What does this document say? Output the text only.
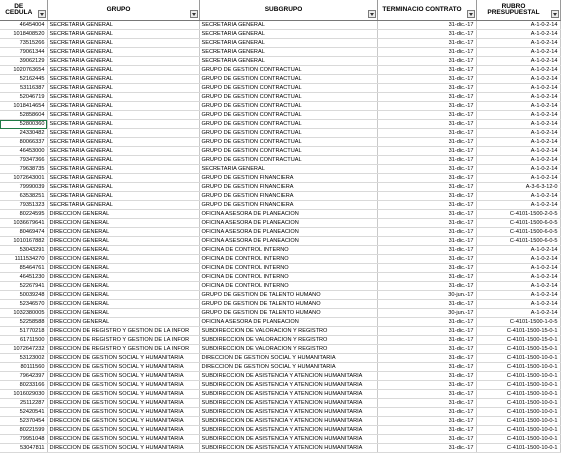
DE CEDULA	GRUPO	SUBGRUPO	TERMINACIO CONTRATO	RUBRO PRESUPUESTAL

46454004	SECRETARIA GENERAL	SECRETARIA GENERAL	31-dic.-17	A-1-0-2-14
1018408520	SECRETARIA GENERAL	SECRETARIA GENERAL	31-dic.-17	A-1-0-2-14
73515266	SECRETARIA GENERAL	SECRETARIA GENERAL	31-dic.-17	A-1-0-2-14
79061344	SECRETARIA GENERAL	SECRETARIA GENERAL	31-dic.-17	A-1-0-2-14
39062129	SECRETARIA GENERAL	SECRETARIA GENERAL	31-dic.-17	A-1-0-2-14
1020763654	SECRETARIA GENERAL	GRUPO DE GESTION CONTRACTUAL	31-dic.-17	A-1-0-2-14
52162445	SECRETARIA GENERAL	GRUPO DE GESTION CONTRACTUAL	31-dic.-17	A-1-0-2-14
53116387	SECRETARIA GENERAL	GRUPO DE GESTION CONTRACTUAL	31-dic.-17	A-1-0-2-14
52046719	SECRETARIA GENERAL	GRUPO DE GESTION CONTRACTUAL	31-dic.-17	A-1-0-2-14
1018414654	SECRETARIA GENERAL	GRUPO DE GESTION CONTRACTUAL	31-dic.-17	A-1-0-2-14
52858604	SECRETARIA GENERAL	GRUPO DE GESTION CONTRACTUAL	31-dic.-17	A-1-0-2-14
52800360	SECRETARIA GENERAL	GRUPO DE GESTION CONTRACTUAL	31-dic.-17	A-1-0-2-14
24330482	SECRETARIA GENERAL	GRUPO DE GESTION CONTRACTUAL	31-dic.-17	A-1-0-2-14
80066337	SECRETARIA GENERAL	GRUPO DE GESTION CONTRACTUAL	31-dic.-17	A-1-0-2-14
46453000	SECRETARIA GENERAL	GRUPO DE GESTION CONTRACTUAL	31-dic.-17	A-1-0-2-14
79347366	SECRETARIA GENERAL	GRUPO DE GESTION CONTRACTUAL	31-dic.-17	A-1-0-2-14
79638735	SECRETARIA GENERAL	SECRETARIA GENERAL	31-dic.-17	A-1-0-2-14
1072643001	SECRETARIA GENERAL	GRUPO DE GESTION FINANCIERA	31-dic.-17	A-1-0-2-14
79990039	SECRETARIA GENERAL	GRUPO DE GESTION FINANCIERA	31-dic.-17	A-3-6-3-12-0
63538251	SECRETARIA GENERAL	GRUPO DE GESTION FINANCIERA	31-dic.-17	A-1-0-2-14
79351323	SECRETARIA GENERAL	GRUPO DE GESTION FINANCIERA	31-dic.-17	A-1-0-2-14
80224595	DIRECCION GENERAL	OFICINA ASESORA DE PLANEACION	31-dic.-17	C-4101-1500-2-0-5
1036679641	DIRECCION GENERAL	OFICINA ASESORA DE PLANEACION	31-dic.-17	C-4101-1500-6-0-5
80469474	DIRECCION GENERAL	OFICINA ASESORA DE PLANEACION	31-dic.-17	C-4101-1500-6-0-5
1010167882	DIRECCION GENERAL	OFICINA ASESORA DE PLANEACION	31-dic.-17	C-4101-1500-6-0-5
53043291	DIRECCION GENERAL	OFICINA DE CONTROL INTERNO	31-dic.-17	A-1-0-2-14
1111534270	DIRECCION GENERAL	OFICINA DE CONTROL INTERNO	31-dic.-17	A-1-0-2-14
85464761	DIRECCION GENERAL	OFICINA DE CONTROL INTERNO	31-dic.-17	A-1-0-2-14
46451230	DIRECCION GENERAL	OFICINA DE CONTROL INTERNO	31-dic.-17	A-1-0-2-14
52267941	DIRECCION GENERAL	OFICINA DE CONTROL INTERNO	31-dic.-17	A-1-0-2-14
50039248	DIRECCION GENERAL	GRUPO DE GESTION DE TALENTO HUMANO	30-jun.-17	A-1-0-2-14
52346570	DIRECCION GENERAL	GRUPO DE GESTION DE TALENTO HUMANO	31-dic.-17	A-1-0-2-14
1032380005	DIRECCION GENERAL	GRUPO DE GESTION DE TALENTO HUMANO	30-jun.-17	A-1-0-2-14
52258588	DIRECCION GENERAL	OFICINA ASESORA DE PLANEACION	31-dic.-17	C-4101-1500-1-0-5
51770218	DIRECCION DE REGISTRO Y GESTION DE LA INFOR	SUBDIRECCION DE VALORACION Y REGISTRO	31-dic.-17	C-4101-1500-15-0-1
61711500	DIRECCION DE REGISTRO Y GESTION DE LA INFOR	SUBDIRECCION DE VALORACION Y REGISTRO	31-dic.-17	C-4101-1500-15-0-1
1072647232	DIRECCION DE REGISTRO Y GESTION DE LA INFOR	SUBDIRECCION DE VALORACION Y REGISTRO	31-dic.-17	C-4101-1500-15-0-1
53123002	DIRECCION DE GESTION SOCIAL Y HUMANITARIA	DIRECCION DE GESTION SOCIAL Y HUMANITARIA	31-dic.-17	C-4101-1500-10-0-1
80111560	DIRECCION DE GESTION SOCIAL Y HUMANITARIA	DIRECCION DE GESTION SOCIAL Y HUMANITARIA	31-dic.-17	C-4101-1500-10-0-1
79642397	DIRECCION DE GESTION SOCIAL Y HUMANITARIA	SUBDIRECCION DE ASISTENCIA Y ATENCION HUMANITARIA	31-dic.-17	C-4101-1500-10-0-1
80233166	DIRECCION DE GESTION SOCIAL Y HUMANITARIA	SUBDIRECCION DE ASISTENCIA Y ATENCION HUMANITARIA	31-dic.-17	C-4101-1500-10-0-1
1016029030	DIRECCION DE GESTION SOCIAL Y HUMANITARIA	SUBDIRECCION DE ASISTENCIA Y ATENCION HUMANITARIA	31-dic.-17	C-4101-1500-10-0-1
25112287	DIRECCION DE GESTION SOCIAL Y HUMANITARIA	SUBDIRECCION DE ASISTENCIA Y ATENCION HUMANITARIA	31-dic.-17	C-4101-1500-10-0-1
52420541	DIRECCION DE GESTION SOCIAL Y HUMANITARIA	SUBDIRECCION DE ASISTENCIA Y ATENCION HUMANITARIA	31-dic.-17	C-4101-1500-10-0-1
52370454	DIRECCION DE GESTION SOCIAL Y HUMANITARIA	SUBDIRECCION DE ASISTENCIA Y ATENCION HUMANITARIA	31-dic.-17	C-4101-1500-10-0-1
80221599	DIRECCION DE GESTION SOCIAL Y HUMANITARIA	SUBDIRECCION DE ASISTENCIA Y ATENCION HUMANITARIA	31-dic.-17	C-4101-1500-10-0-1
79951048	DIRECCION DE GESTION SOCIAL Y HUMANITARIA	SUBDIRECCION DE ASISTENCIA Y ATENCION HUMANITARIA	31-dic.-17	C-4101-1500-10-0-1
53047811	DIRECCION DE GESTION SOCIAL Y HUMANITARIA	SUBDIRECCION DE ASISTENCIA Y ATENCION HUMANITARIA	31-dic.-17	C-4101-1500-10-0-1
